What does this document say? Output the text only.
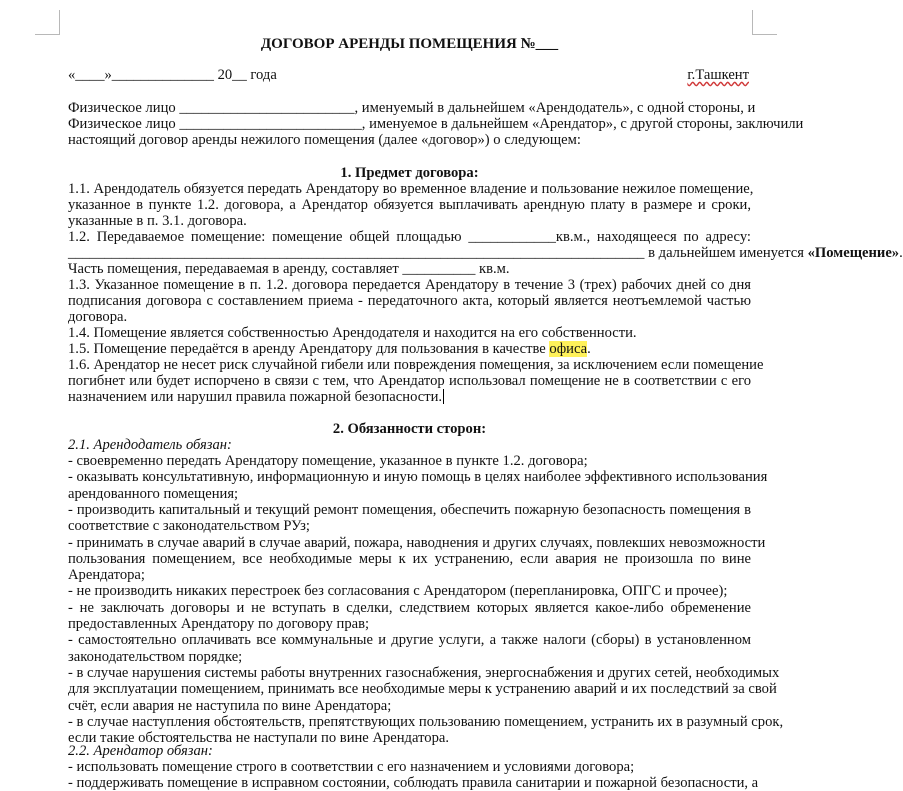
ДОГОВОР АРЕНДЫ ПОМЕЩЕНИЯ №___
«____»______________ 20__ года	г.Ташкент
Физическое лицо ________________________, именуемый в дальнейшем «Арендодатель», с одной стороны, и
Физическое лицо _________________________, именуемое в дальнейшем «Арендатор», с другой стороны, заключили
настоящий договор аренды нежилого помещения (далее «договор») о следующем:
1. Предмет договора:
1.1. Арендодатель обязуется передать Арендатору во временное владение и пользование нежилое помещение,
указанное в пункте 1.2. договора, а Арендатор обязуется выплачивать арендную плату в размере и сроки,
указанные в п. 3.1. договора.
1.2. Передаваемое помещение: помещение общей площадью ____________кв.м., находящееся по адресу:
_______________________________________________________________________________ в дальнейшем именуется «Помещение».
Часть помещения, передаваемая в аренду, составляет __________ кв.м.
1.3. Указанное помещение в п. 1.2. договора передается Арендатору в течение 3 (трех) рабочих дней со дня
подписания договора с составлением приема - передаточного акта, который является неотъемлемой частью
договора.
1.4. Помещение является собственностью Арендодателя и находится на его собственности.
1.5. Помещение передаётся в аренду Арендатору для пользования в качестве офиса.
1.6. Арендатор не несет риск случайной гибели или повреждения помещения, за исключением если помещение
погибнет или будет испорчено в связи с тем, что Арендатор использовал помещение не в соответствии с его
назначением или нарушил правила пожарной безопасности.
2. Обязанности сторон:
2.1. Арендодатель обязан:
- своевременно передать Арендатору помещение, указанное в пункте 1.2. договора;
- оказывать консультативную, информационную и иную помощь в целях наиболее эффективного использования
арендованного помещения;
- производить капитальный и текущий ремонт помещения, обеспечить пожарную безопасность помещения в
соответствие с законодательством РУз;
- принимать в случае аварий в случае аварий, пожара, наводнения и других случаях, повлекших невозможности
пользования помещением, все необходимые меры к их устранению, если авария не произошла по вине
Арендатора;
- не производить никаких перестроек без согласования с Арендатором (перепланировка, ОПГС и прочее);
- не заключать договоры и не вступать в сделки, следствием которых является какое-либо обременение
предоставленных Арендатору по договору прав;
- самостоятельно оплачивать все коммунальные и другие услуги, а также налоги (сборы) в установленном
законодательством порядке;
- в случае нарушения системы работы внутренних газоснабжения, энергоснабжения и других сетей, необходимых
для эксплуатации помещением, принимать все необходимые меры к устранению аварий и их последствий за свой
счёт, если авария не наступила по вине Арендатора;
- в случае наступления обстоятельств, препятствующих пользованию помещением, устранить их в разумный срок,
если такие обстоятельства не наступали по вине Арендатора.
2.2. Арендатор обязан:
- использовать помещение строго в соответствии с его назначением и условиями договора;
- поддерживать помещение в исправном состоянии, соблюдать правила санитарии и пожарной безопасности, а
